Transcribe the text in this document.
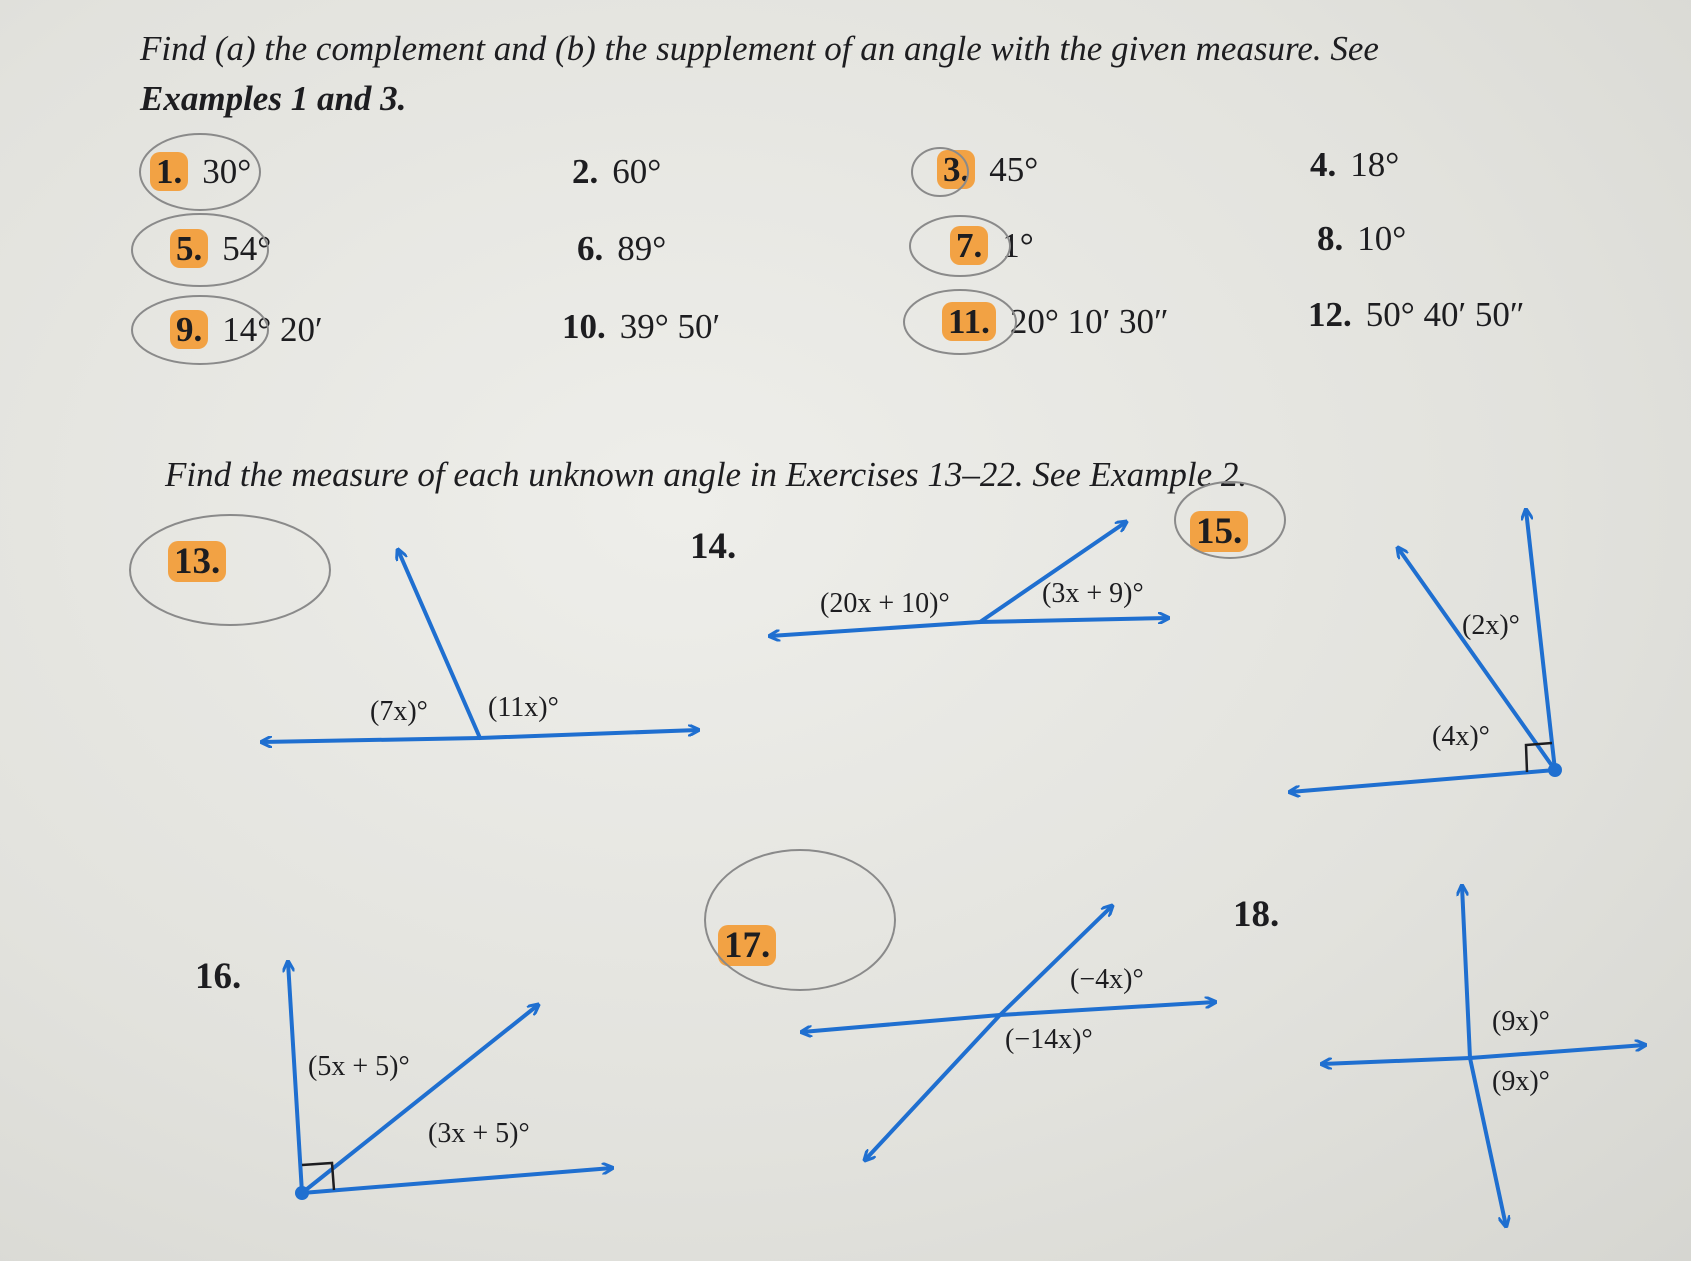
Find (a) the complement and (b) the supplement of an angle with the given measure. See
Examples 1 and 3.
1. 30°	2. 60°	3. 45°	4. 18°
5. 54°	6. 89°	7. 1°	8. 10°
9. 14° 20′	10. 39° 50′	11. 20° 10′ 30″	12. 50° 40′ 50″
Find the measure of each unknown angle in Exercises 13–22. See Example 2.
13.	14.	15.
16.
17.
18.
(7x)° (11x)°
(20x + 10)°	(3x + 9)°
(2x)°
(4x)°
(5x + 5)°
(3x + 5)°
(−4x)°
(−14x)°
(9x)°
(9x)°
